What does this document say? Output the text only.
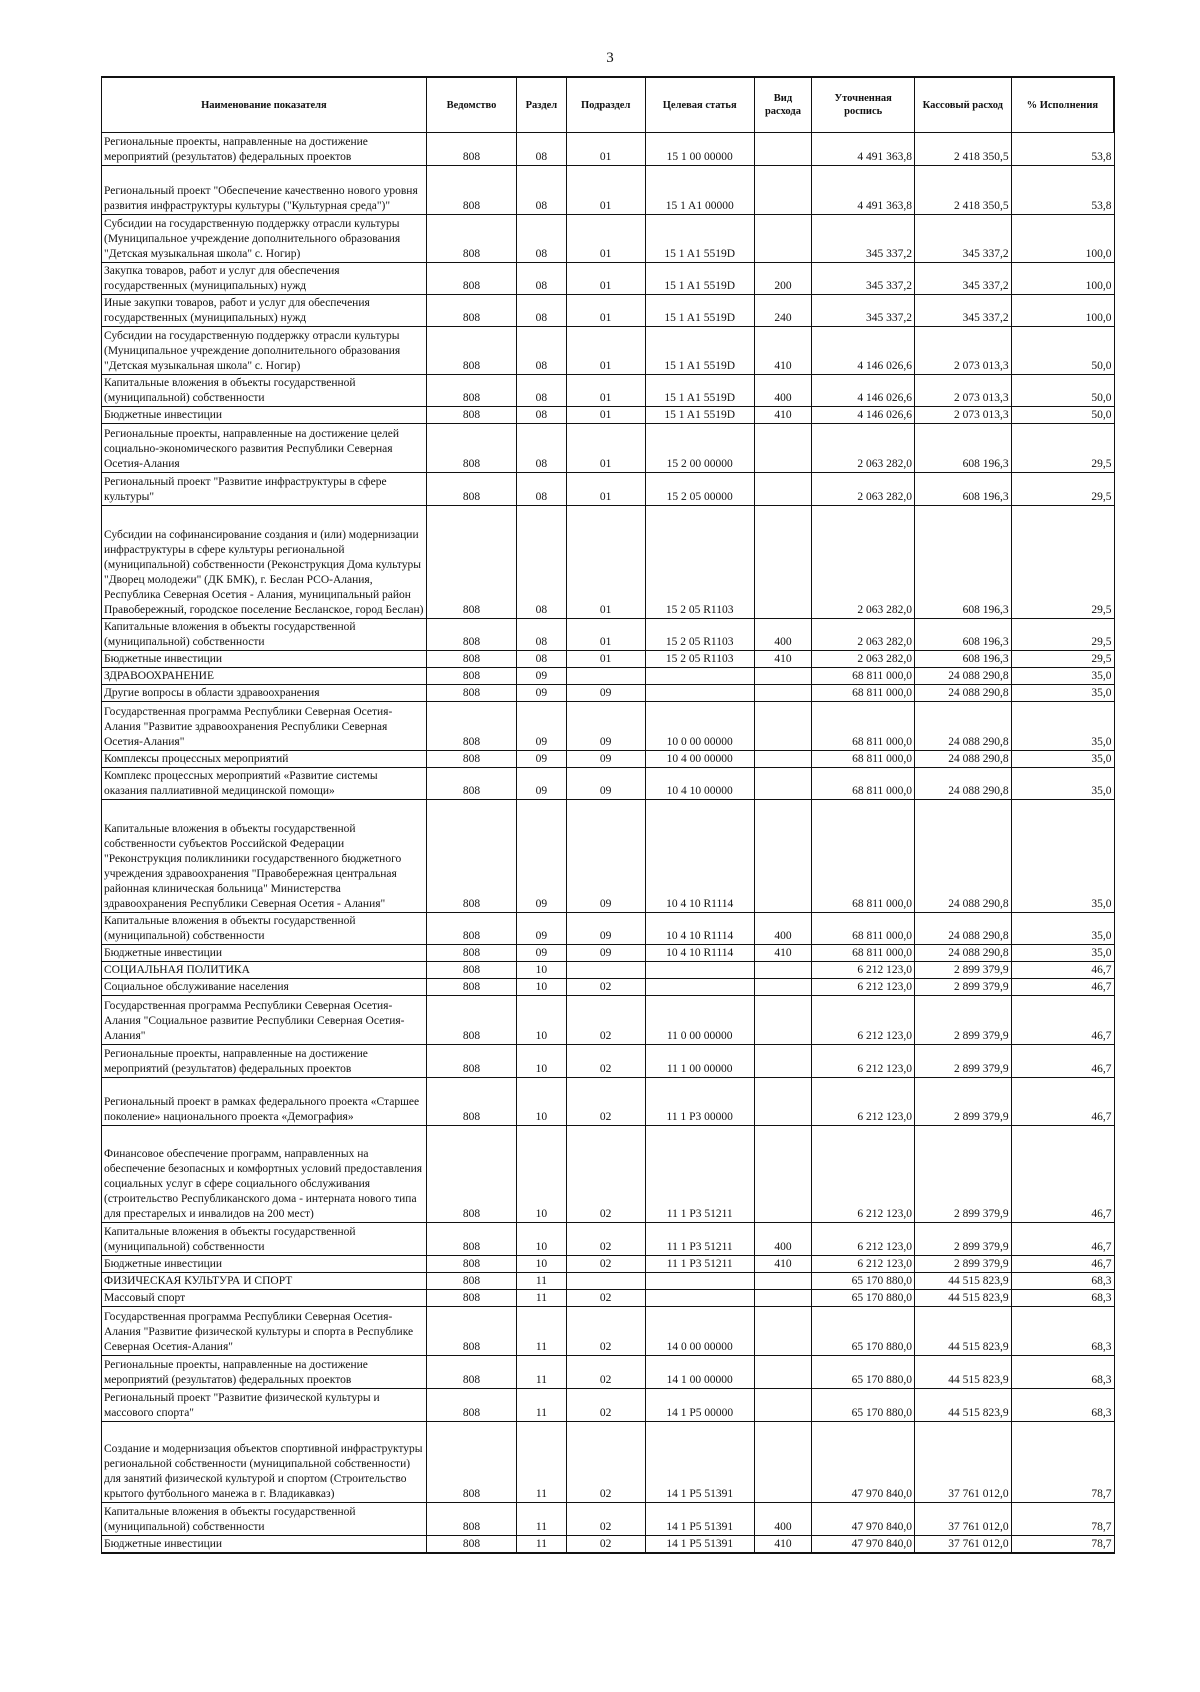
3
Наименование показателя	Ведомство	Раздел	Подраздел	Целевая статья	Вид расхода	Уточненная роспись	Кассовый расход	% Исполнения
Региональные проекты, направленные на достижение мероприятий (результатов) федеральных проектов	808	08	01	15 1 00 00000		4 491 363,8	2 418 350,5	53,8
Региональный проект "Обеспечение качественно нового уровня развития инфраструктуры культуры ("Культурная среда")"	808	08	01	15 1 A1 00000		4 491 363,8	2 418 350,5	53,8
Субсидии на государственную поддержку отрасли культуры (Муниципальное учреждение дополнительного образования "Детская музыкальная школа" с. Ногир)	808	08	01	15 1 A1 5519D		345 337,2	345 337,2	100,0
Закупка товаров, работ и услуг для обеспечения государственных (муниципальных) нужд	808	08	01	15 1 A1 5519D	200	345 337,2	345 337,2	100,0
Иные закупки товаров, работ и услуг для обеспечения государственных (муниципальных) нужд	808	08	01	15 1 A1 5519D	240	345 337,2	345 337,2	100,0
Субсидии на государственную поддержку отрасли культуры (Муниципальное учреждение дополнительного образования "Детская музыкальная школа" с. Ногир)	808	08	01	15 1 A1 5519D	410	4 146 026,6	2 073 013,3	50,0
Капитальные вложения в объекты государственной (муниципальной) собственности	808	08	01	15 1 A1 5519D	400	4 146 026,6	2 073 013,3	50,0
Бюджетные инвестиции	808	08	01	15 1 A1 5519D	410	4 146 026,6	2 073 013,3	50,0
Региональные проекты, направленные на достижение целей социально-экономического развития Республики Северная Осетия-Алания	808	08	01	15 2 00 00000		2 063 282,0	608 196,3	29,5
Региональный проект "Развитие инфраструктуры в сфере культуры"	808	08	01	15 2 05 00000		2 063 282,0	608 196,3	29,5
Субсидии на софинансирование создания и (или) модернизации инфраструктуры в сфере культуры региональной (муниципальной) собственности (Реконструкция Дома культуры "Дворец молодежи" (ДК БМК), г. Беслан РСО-Алания, Республика Северная Осетия - Алания, муниципальный район Правобережный, городское поселение Бесланское, город Беслан)	808	08	01	15 2 05 R1103		2 063 282,0	608 196,3	29,5
Капитальные вложения в объекты государственной (муниципальной) собственности	808	08	01	15 2 05 R1103	400	2 063 282,0	608 196,3	29,5
Бюджетные инвестиции	808	08	01	15 2 05 R1103	410	2 063 282,0	608 196,3	29,5
ЗДРАВООХРАНЕНИЕ	808	09				68 811 000,0	24 088 290,8	35,0
Другие вопросы в области здравоохранения	808	09	09			68 811 000,0	24 088 290,8	35,0
Государственная программа Республики Северная Осетия-Алания "Развитие здравоохранения Республики Северная Осетия-Алания"	808	09	09	10 0 00 00000		68 811 000,0	24 088 290,8	35,0
Комплексы процессных мероприятий	808	09	09	10 4 00 00000		68 811 000,0	24 088 290,8	35,0
Комплекс процессных мероприятий «Развитие системы оказания паллиативной медицинской помощи»	808	09	09	10 4 10 00000		68 811 000,0	24 088 290,8	35,0
Капитальные вложения в объекты государственной собственности субъектов Российской Федерации "Реконструкция поликлиники государственного бюджетного учреждения здравоохранения "Правобережная центральная районная клиническая больница" Министерства здравоохранения Республики Северная Осетия - Алания"	808	09	09	10 4 10 R1114		68 811 000,0	24 088 290,8	35,0
Капитальные вложения в объекты государственной (муниципальной) собственности	808	09	09	10 4 10 R1114	400	68 811 000,0	24 088 290,8	35,0
Бюджетные инвестиции	808	09	09	10 4 10 R1114	410	68 811 000,0	24 088 290,8	35,0
СОЦИАЛЬНАЯ ПОЛИТИКА	808	10				6 212 123,0	2 899 379,9	46,7
Социальное обслуживание населения	808	10	02			6 212 123,0	2 899 379,9	46,7
Государственная программа Республики Северная Осетия-Алания "Социальное развитие Республики Северная Осетия-Алания"	808	10	02	11 0 00 00000		6 212 123,0	2 899 379,9	46,7
Региональные проекты, направленные на достижение мероприятий (результатов) федеральных проектов	808	10	02	11 1 00 00000		6 212 123,0	2 899 379,9	46,7
Региональный проект в рамках федерального проекта «Старшее поколение» национального проекта «Демография»	808	10	02	11 1 P3 00000		6 212 123,0	2 899 379,9	46,7
Финансовое обеспечение программ, направленных на обеспечение безопасных и комфортных условий предоставления социальных услуг в сфере социального обслуживания (строительство Республиканского дома - интерната нового типа для престарелых и инвалидов на 200 мест)	808	10	02	11 1 P3 51211		6 212 123,0	2 899 379,9	46,7
Капитальные вложения в объекты государственной (муниципальной) собственности	808	10	02	11 1 P3 51211	400	6 212 123,0	2 899 379,9	46,7
Бюджетные инвестиции	808	10	02	11 1 P3 51211	410	6 212 123,0	2 899 379,9	46,7
ФИЗИЧЕСКАЯ КУЛЬТУРА И СПОРТ	808	11				65 170 880,0	44 515 823,9	68,3
Массовый спорт	808	11	02			65 170 880,0	44 515 823,9	68,3
Государственная программа Республики Северная Осетия-Алания "Развитие физической культуры и спорта в Республике Северная Осетия-Алания"	808	11	02	14 0 00 00000		65 170 880,0	44 515 823,9	68,3
Региональные проекты, направленные на достижение мероприятий (результатов) федеральных проектов	808	11	02	14 1 00 00000		65 170 880,0	44 515 823,9	68,3
Региональный проект "Развитие физической культуры и массового спорта"	808	11	02	14 1 P5 00000		65 170 880,0	44 515 823,9	68,3
Создание и модернизация объектов спортивной инфраструктуры региональной собственности (муниципальной собственности) для занятий физической культурой и спортом (Строительство крытого футбольного манежа в г. Владикавказ)	808	11	02	14 1 P5 51391		47 970 840,0	37 761 012,0	78,7
Капитальные вложения в объекты государственной (муниципальной) собственности	808	11	02	14 1 P5 51391	400	47 970 840,0	37 761 012,0	78,7
Бюджетные инвестиции	808	11	02	14 1 P5 51391	410	47 970 840,0	37 761 012,0	78,7
